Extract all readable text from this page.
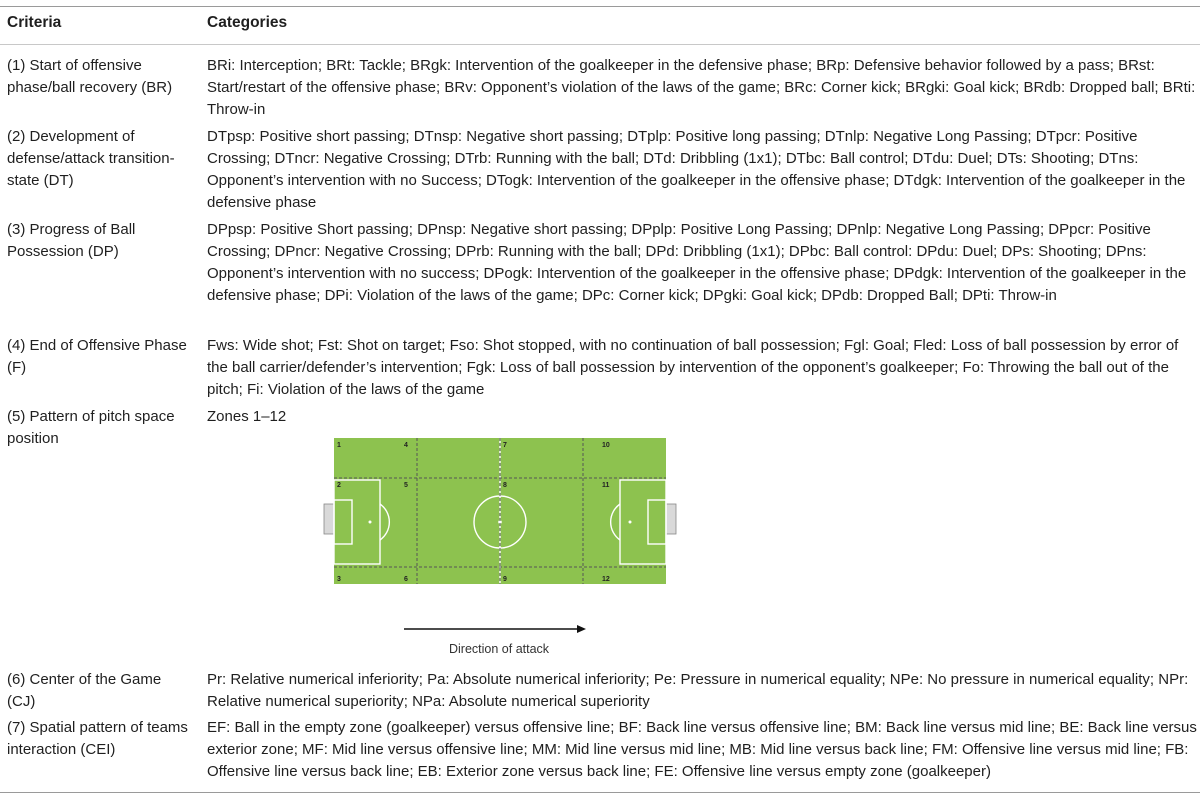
Criteria	Categories
(1) Start of offensive phase/ball recovery (BR)
BRi: Interception; BRt: Tackle; BRgk: Intervention of the goalkeeper in the defensive phase; BRp: Defensive behavior followed by a pass; BRst: Start/restart of the offensive phase; BRv: Opponent’s violation of the laws of the game; BRc: Corner kick; BRgki: Goal kick; BRdb: Dropped ball; BRti: Throw-in
(2) Development of defense/attack transition-state (DT)
DTpsp: Positive short passing; DTnsp: Negative short passing; DTplp: Positive long passing; DTnlp: Negative Long Passing; DTpcr: Positive Crossing; DTncr: Negative Crossing; DTrb: Running with the ball; DTd: Dribbling (1x1); DTbc: Ball control; DTdu: Duel; DTs: Shooting; DTns: Opponent’s intervention with no Success; DTogk: Intervention of the goalkeeper in the offensive phase; DTdgk: Intervention of the goalkeeper in the defensive phase
(3) Progress of Ball Possession (DP)
DPpsp: Positive Short passing; DPnsp: Negative short passing; DPplp: Positive Long Passing; DPnlp: Negative Long Passing; DPpcr: Positive Crossing; DPncr: Negative Crossing; DPrb: Running with the ball; DPd: Dribbling (1x1); DPbc: Ball control: DPdu: Duel; DPs: Shooting; DPns: Opponent’s intervention with no success; DPogk: Intervention of the goalkeeper in the offensive phase; DPdgk: Intervention of the goalkeeper in the defensive phase; DPi: Violation of the laws of the game; DPc: Corner kick; DPgki: Goal kick; DPdb: Dropped Ball; DPti: Throw-in
(4) End of Offensive Phase (F)
Fws: Wide shot; Fst: Shot on target; Fso: Shot stopped, with no continuation of ball possession; Fgl: Goal; Fled: Loss of ball possession by error of the ball carrier/defender’s intervention; Fgk: Loss of ball possession by intervention of the opponent’s goalkeeper; Fo: Throwing the ball out of the pitch; Fi: Violation of the laws of the game
(5) Pattern of pitch space position
Zones 1–12
1
2
3
4
5
6
7
8
9
10
11
12
Direction of attack
(6) Center of the Game (CJ)
Pr: Relative numerical inferiority; Pa: Absolute numerical inferiority; Pe: Pressure in numerical equality; NPe: No pressure in numerical equality; NPr: Relative numerical superiority; NPa: Absolute numerical superiority
(7) Spatial pattern of teams interaction (CEI)
EF: Ball in the empty zone (goalkeeper) versus offensive line; BF: Back line versus offensive line; BM: Back line versus mid line; BE: Back line versus exterior zone; MF: Mid line versus offensive line; MM: Mid line versus mid line; MB: Mid line versus back line; FM: Offensive line versus mid line; FB: Offensive line versus back line; EB: Exterior zone versus back line; FE: Offensive line versus empty zone (goalkeeper)
